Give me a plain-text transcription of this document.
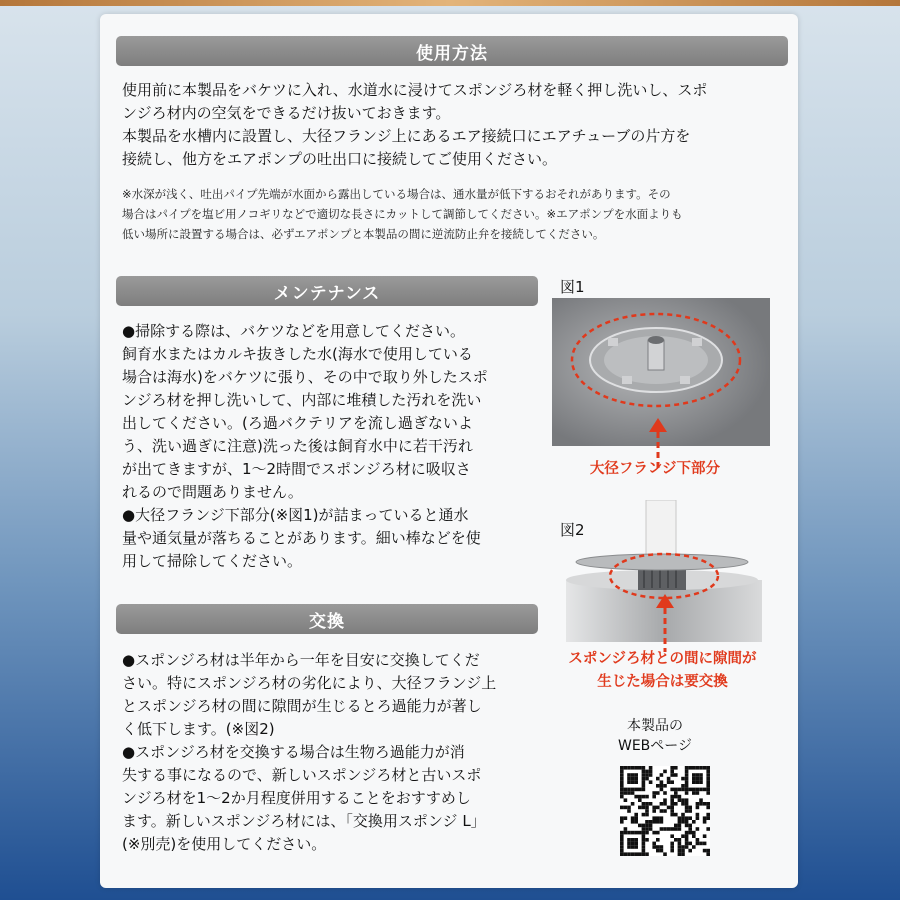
使用方法

使用前に本製品をバケツに入れ、水道水に浸けてスポンジろ材を軽く押し洗いし、スポ
ンジろ材内の空気をできるだけ抜いておきます。
本製品を水槽内に設置し、大径フランジ上にあるエア接続口にエアチューブの片方を
接続し、他方をエアポンプの吐出口に接続してご使用ください。

※水深が浅く、吐出パイプ先端が水面から露出している場合は、通水量が低下するおそれがあります。その
場合はパイプを塩ビ用ノコギリなどで適切な長さにカットして調節してください。※エアポンプを水面よりも
低い場所に設置する場合は、必ずエアポンプと本製品の間に逆流防止弁を接続してください。

メンテナンス

●掃除する際は、バケツなどを用意してください。
飼育水またはカルキ抜きした水(海水で使用している
場合は海水)をバケツに張り、その中で取り外したスポ
ンジろ材を押し洗いして、内部に堆積した汚れを洗い
出してください。(ろ過バクテリアを流し過ぎないよ
う、洗い過ぎに注意)洗った後は飼育水中に若干汚れ
が出てきますが、1〜2時間でスポンジろ材に吸収さ
れるので問題ありません。
●大径フランジ下部分(※図1)が詰まっていると通水
量や通気量が落ちることがあります。細い棒などを使
用して掃除してください。

交換

●スポンジろ材は半年から一年を目安に交換してくだ
さい。特にスポンジろ材の劣化により、大径フランジ上
とスポンジろ材の間に隙間が生じるとろ過能力が著し
く低下します。(※図2)
●スポンジろ材を交換する場合は生物ろ過能力が消
失する事になるので、新しいスポンジろ材と古いスポ
ンジろ材を1〜2か月程度併用することをおすすめし
ます。新しいスポンジろ材には、「交換用スポンジ L」
(※別売)を使用してください。

図1
大径フランジ下部分
図2
スポンジろ材との間に隙間が
生じた場合は要交換
本製品の
WEBページ
